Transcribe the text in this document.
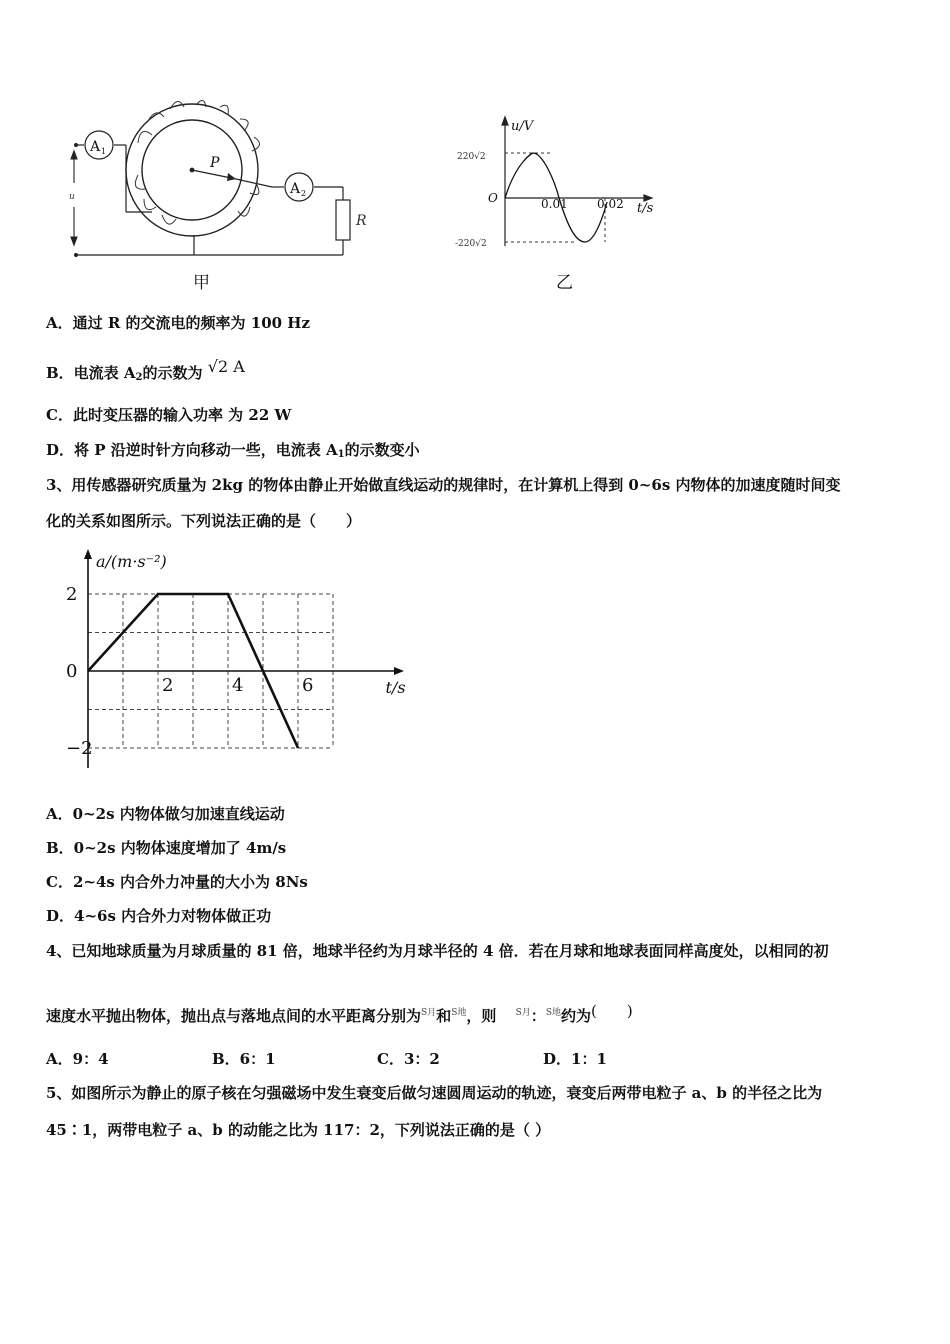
u
P
A 1
A 2
R
甲
u/V
220√2
O	0.01 0.02 t/s
-220√2
乙
A．通过 R 的交流电的频率为 100 Hz
B．电流表 $A_2$的示数为 √2 A
C．此时变压器的输入功率 为 22 W
D．将 P 沿逆时针方向移动一些，电流表 $A_1$的示数变小
3、用传感器研究质量为 2kg 的物体由静止开始做直线运动的规律时，在计算机上得到 0~6s 内物体的加速度随时间变
化的关系如图所示。下列说法正确的是（　　）
2	4	6
2
0
−2
a/(m·s⁻²)
t/s
A．0~2s 内物体做匀加速直线运动
B．0~2s 内物体速度增加了 4m/s
C．2~4s 内合外力冲量的大小为 8Ns
D．4~6s 内合外力对物体做正功
4、已知地球质量为月球质量的 81 倍，地球半径约为月球半径的 4 倍．若在月球和地球表面同样高度处，以相同的初
速度水平抛出物体，抛出点与落地点间的水平距离分别为$^{S月}$和$^{S地}$，则 $^{S月}$：$^{S地}$约为(　　)
A．9：4	B．6：1	C．3：2	D．1：1
5、如图所示为静止的原子核在匀强磁场中发生衰变后做匀速圆周运动的轨迹，衰变后两带电粒子 a、b 的半径之比为
45∶1，两带电粒子 a、b 的动能之比为 117：2，下列说法正确的是（ ）
